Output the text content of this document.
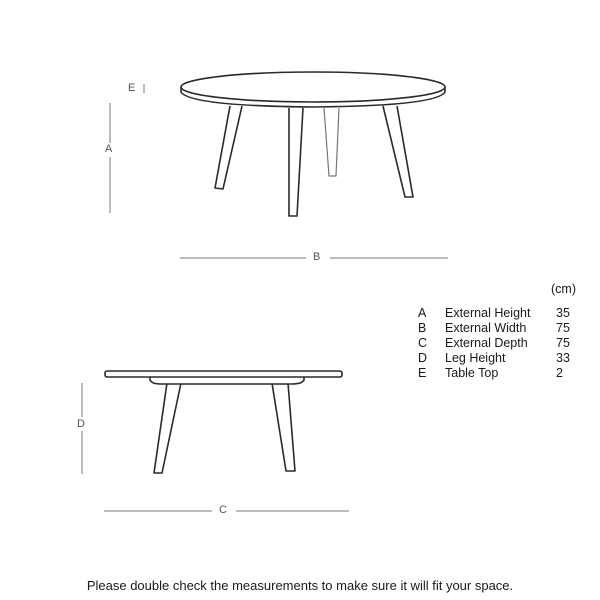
A
E
B
C
D
(cm)
A	External Height	35
B	External Width	75
C	External Depth	75
D	Leg Height	33
E	Table Top	2
Please double check the measurements to make sure it will fit your space.
